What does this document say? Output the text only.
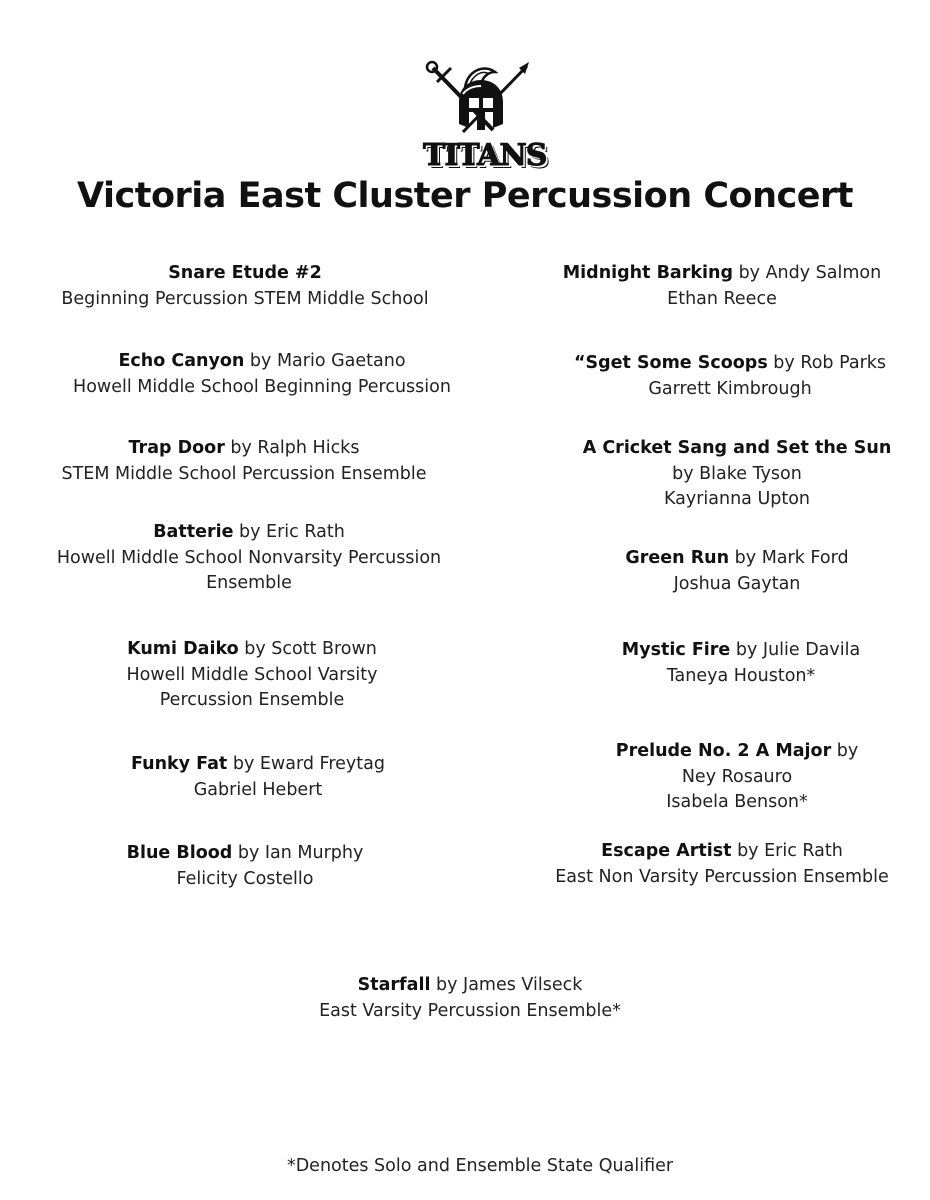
TITANS
Victoria East Cluster Percussion Concert
Snare Etude #2
Beginning Percussion STEM Middle School
Echo Canyon by Mario Gaetano
Howell Middle School Beginning Percussion
Trap Door by Ralph Hicks
STEM Middle School Percussion Ensemble
Batterie by Eric Rath
Howell Middle School Nonvarsity Percussion
Ensemble
Kumi Daiko by Scott Brown
Howell Middle School Varsity
Percussion Ensemble
Funky Fat by Eward Freytag
Gabriel Hebert
Blue Blood by Ian Murphy
Felicity Costello
Midnight Barking by Andy Salmon
Ethan Reece
“Sget Some Scoops by Rob Parks
Garrett Kimbrough
A Cricket Sang and Set the Sun
by Blake Tyson
Kayrianna Upton
Green Run by Mark Ford
Joshua Gaytan
Mystic Fire by Julie Davila
Taneya Houston*
Prelude No. 2 A Major by
Ney Rosauro
Isabela Benson*
Escape Artist by Eric Rath
East Non Varsity Percussion Ensemble
Starfall by James Vilseck
East Varsity Percussion Ensemble*
*Denotes Solo and Ensemble State Qualifier
